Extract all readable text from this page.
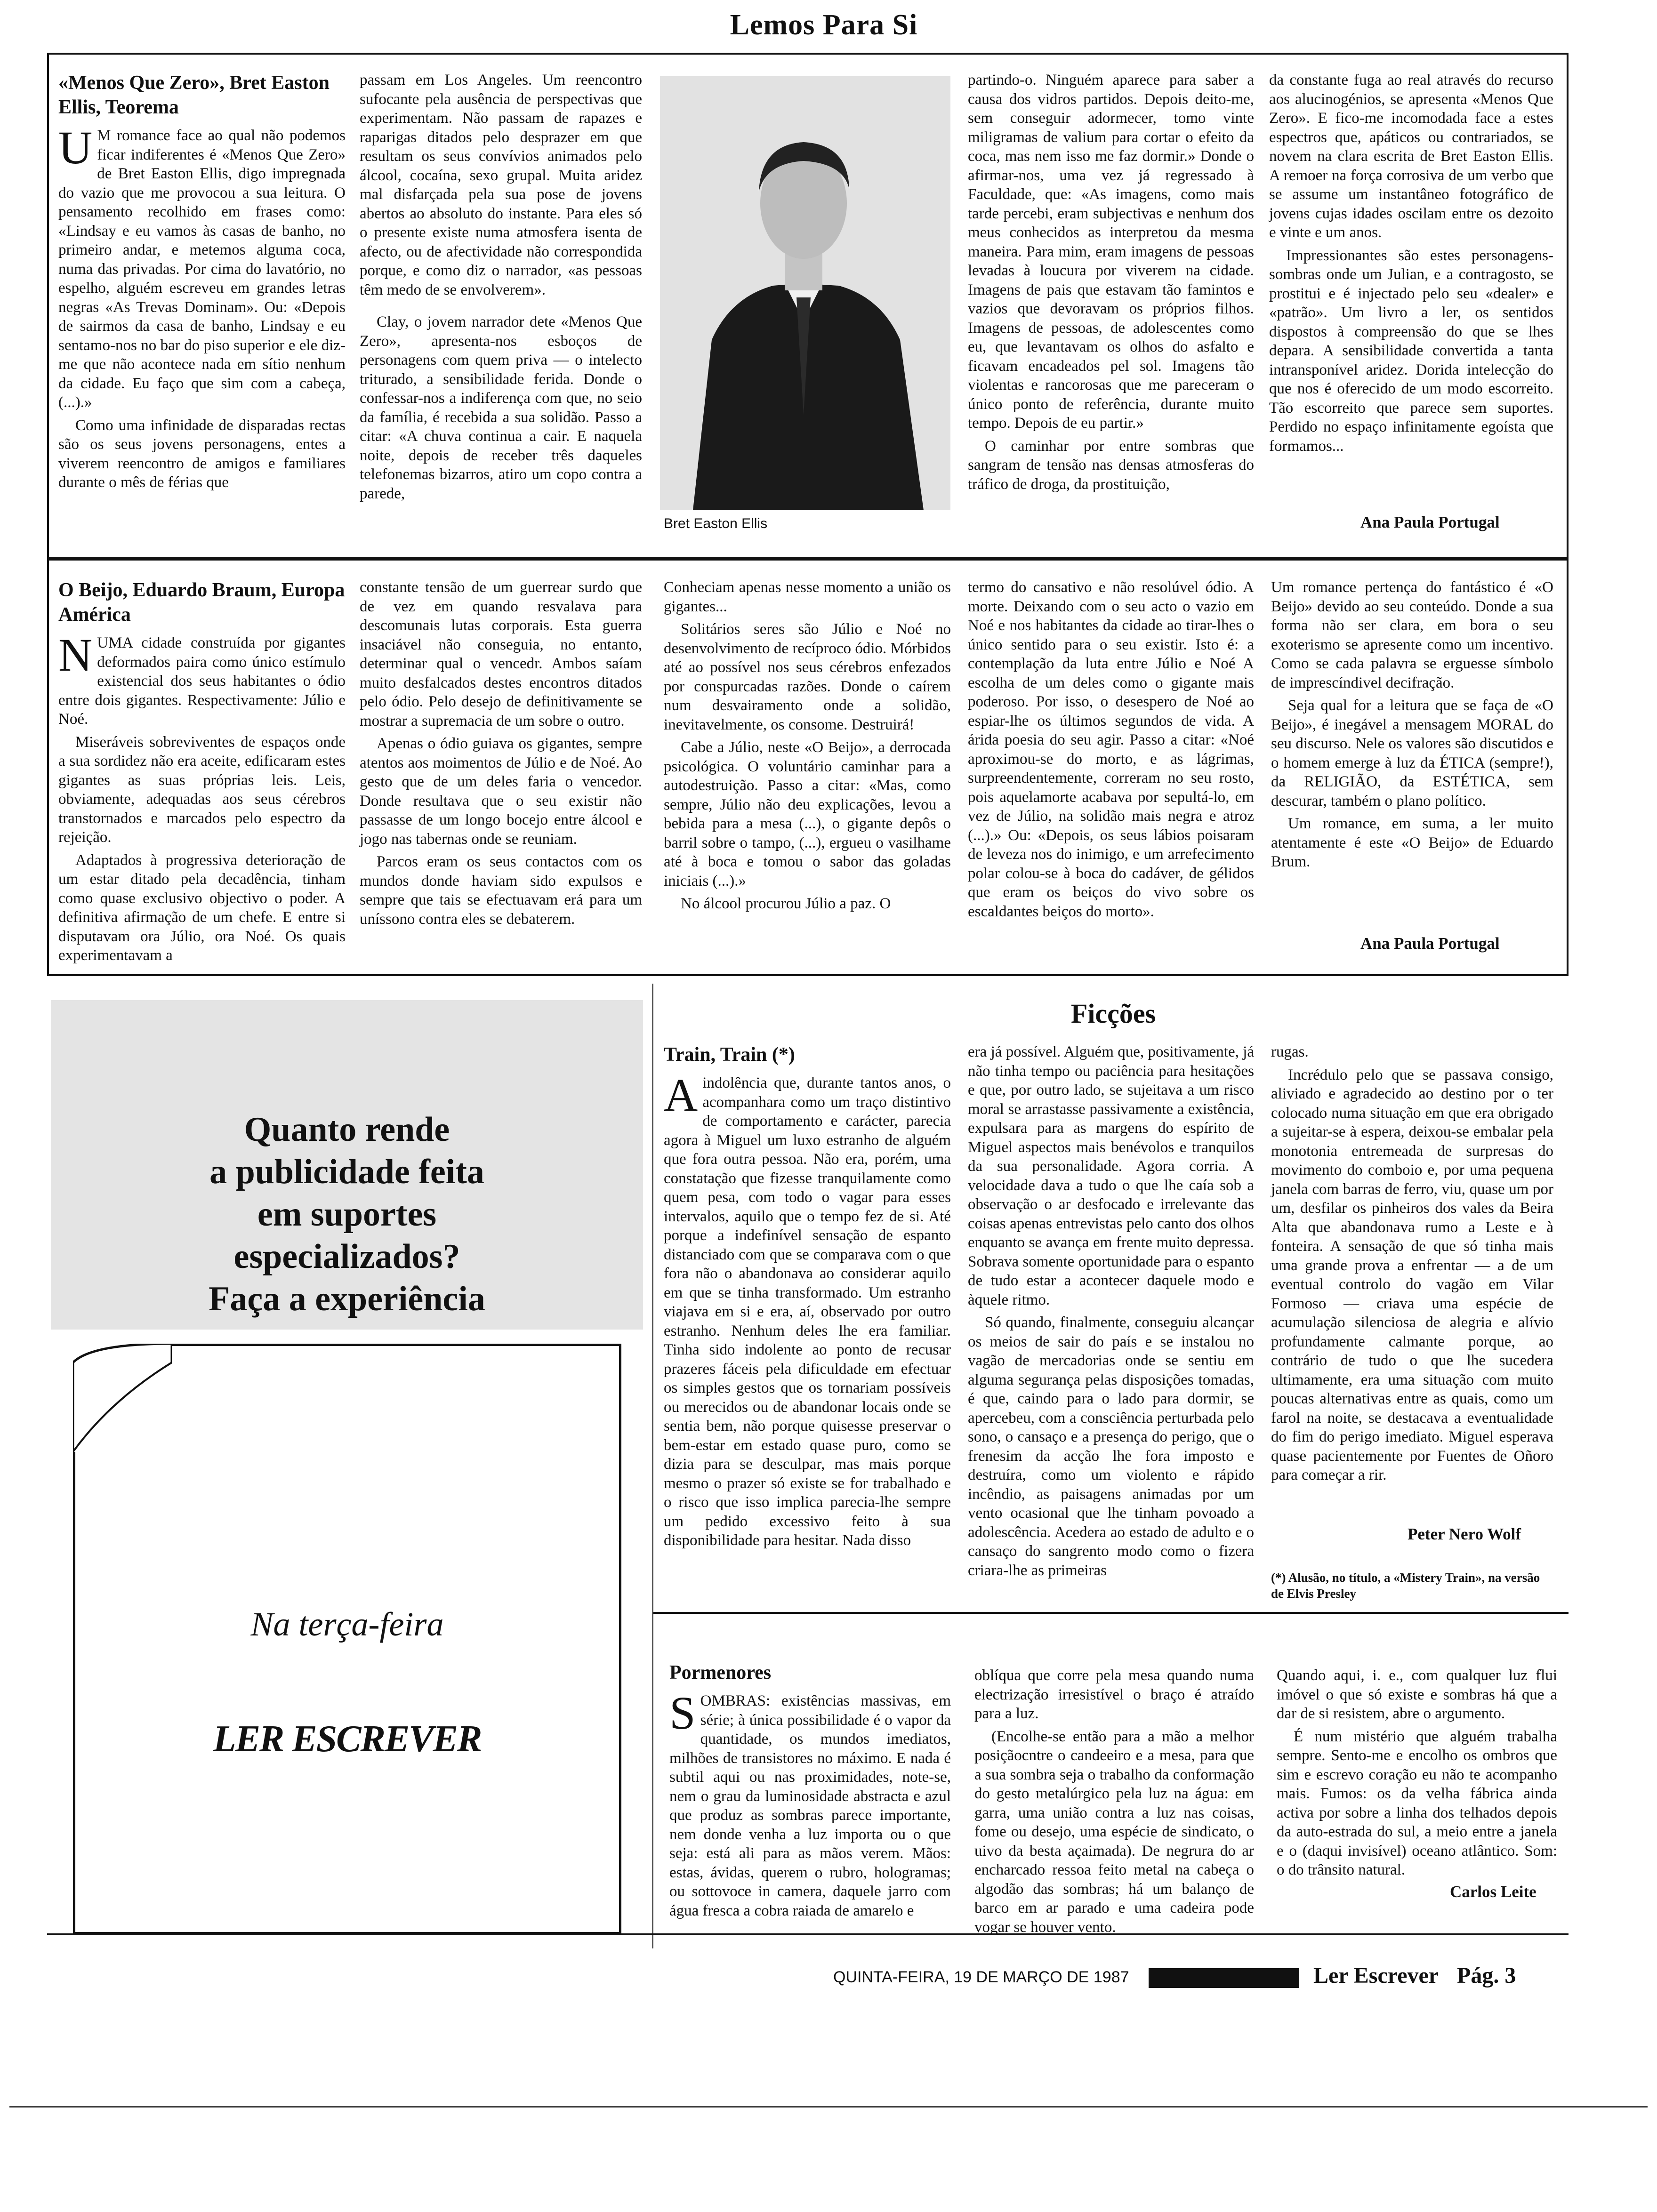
Lemos Para Si
«Menos Que Zero», Bret Easton Ellis, Teorema

U M romance face ao qual não podemos ficar indiferentes é «Menos Que Zero» de Bret Easton Ellis, digo impregnada do vazio que me provocou a sua leitura. O pensamento recolhido em frases como: «Lindsay e eu vamos às casas de banho, no primeiro andar, e metemos alguma coca, numa das privadas. Por cima do lavatório, no espelho, alguém escreveu em grandes letras negras «As Trevas Dominam». Ou: «Depois de sairmos da casa de banho, Lindsay e eu sentamo-nos no bar do piso superior e ele diz-me que não acontece nada em sítio nenhum da cidade. Eu faço que sim com a cabeça, (...).»

Como uma infinidade de disparadas rectas são os seus jovens personagens, entes a viverem reencontro de amigos e familiares durante o mês de férias que

passam em Los Angeles. Um reencontro sufocante pela ausência de perspectivas que experimentam. Não passam de rapazes e raparigas ditados pelo desprazer em que resultam os seus convívios animados pelo álcool, cocaína, sexo grupal. Muita aridez mal disfarçada pela sua pose de jovens abertos ao absoluto do instante. Para eles só o presente existe numa atmosfera isenta de afecto, ou de afectividade não correspondida porque, e como diz o narrador, «as pessoas têm medo de se envolverem».

Clay, o jovem narrador dete «Menos Que Zero», apresenta-nos esboços de personagens com quem priva — o intelecto triturado, a sensibilidade ferida. Donde o confessar-nos a indiferença com que, no seio da família, é recebida a sua solidão. Passo a citar: «A chuva continua a cair. E naquela noite, depois de receber três daqueles telefonemas bizarros, atiro um copo contra a parede,

Bret Easton Ellis

partindo-o. Ninguém aparece para saber a causa dos vidros partidos. Depois deito-me, sem conseguir adormecer, tomo vinte miligramas de valium para cortar o efeito da coca, mas nem isso me faz dormir.» Donde o afirmar-nos, uma vez já regressado à Faculdade, que: «As imagens, como mais tarde percebi, eram subjectivas e nenhum dos meus conhecidos as interpretou da mesma maneira. Para mim, eram imagens de pessoas levadas à loucura por viverem na cidade. Imagens de pais que estavam tão famintos e vazios que devoravam os próprios filhos. Imagens de pessoas, de adolescentes como eu, que levantavam os olhos do asfalto e ficavam encadeados pel sol. Imagens tão violentas e rancorosas que me pareceram o único ponto de referência, durante muito tempo. Depois de eu partir.»

O caminhar por entre sombras que sangram de tensão nas densas atmosferas do tráfico de droga, da prostituição,

da constante fuga ao real através do recurso aos alucinogénios, se apresenta «Menos Que Zero». E fico-me incomodada face a estes espectros que, apáticos ou contrariados, se novem na clara escrita de Bret Easton Ellis. A remoer na força corrosiva de um verbo que se assume um instantâneo fotográfico de jovens cujas idades oscilam entre os dezoito e vinte e um anos.

Impressionantes são estes personagens-sombras onde um Julian, e a contragosto, se prostitui e é injectado pelo seu «dealer» e «patrão». Um livro a ler, os sentidos dispostos à compreensão do que se lhes depara. A sensibilidade convertida a tanta intransponível aridez. Dorida intelecção do que nos é oferecido de um modo escorreito. Tão escorreito que parece sem suportes. Perdido no espaço infinitamente egoísta que formamos...

Ana Paula Portugal
O Beijo, Eduardo Braum, Europa América

NUMA cidade construída por gigantes deformados paira como único estímulo existencial dos seus habitantes o ódio entre dois gigantes. Respectivamente: Júlio e Noé.

Miseráveis sobreviventes de espaços onde a sua sordidez não era aceite, edificaram estes gigantes as suas próprias leis. Leis, obviamente, adequadas aos seus cérebros transtornados e marcados pelo espectro da rejeição.

Adaptados à progressiva deterioração de um estar ditado pela decadência, tinham como quase exclusivo objectivo o poder. A definitiva afirmação de um chefe. E entre si disputavam ora Júlio, ora Noé. Os quais experimentavam a

constante tensão de um guerrear surdo que de vez em quando resvalava para descomunais lutas corporais. Esta guerra insaciável não conseguia, no entanto, determinar qual o vencedr. Ambos saíam muito desfalcados destes encontros ditados pelo ódio. Pelo desejo de definitivamente se mostrar a supremacia de um sobre o outro.

Apenas o ódio guiava os gigantes, sempre atentos aos moimentos de Júlio e de Noé. Ao gesto que de um deles faria o vencedor. Donde resultava que o seu existir não passasse de um longo bocejo entre álcool e jogo nas tabernas onde se reuniam.

Parcos eram os seus contactos com os mundos donde haviam sido expulsos e sempre que tais se efectuavam erá para um uníssono contra eles se debaterem.

Conheciam apenas nesse momento a união os gigantes...

Solitários seres são Júlio e Noé no desenvolvimento de recíproco ódio. Mórbidos até ao possível nos seus cérebros enfezados por conspurcadas razões. Donde o caírem num desvairamento onde a solidão, inevitavelmente, os consome. Destruirá!

Cabe a Júlio, neste «O Beijo», a derrocada psicológica. O voluntário caminhar para a autodestruição. Passo a citar: «Mas, como sempre, Júlio não deu explicações, levou a bebida para a mesa (...), o gigante depôs o barril sobre o tampo, (...), ergueu o vasilhame até à boca e tomou o sabor das goladas iniciais (...).»

No álcool procurou Júlio a paz. O

termo do cansativo e não resolúvel ódio. A morte. Deixando com o seu acto o vazio em Noé e nos habitantes da cidade ao tirar-lhes o único sentido para o seu existir. Isto é: a contemplação da luta entre Júlio e Noé A escolha de um deles como o gigante mais poderoso. Por isso, o desespero de Noé ao espiar-lhe os últimos segundos de vida. A árida poesia do seu agir. Passo a citar: «Noé aproximou-se do morto, e as lágrimas, surpreendentemente, correram no seu rosto, pois aquelamorte acabava por sepultá-lo, em vez de Júlio, na solidão mais negra e atroz (...).» Ou: «Depois, os seus lábios poisaram de leveza nos do inimigo, e um arrefecimento polar colou-se à boca do cadáver, de gélidos que eram os beiços do vivo sobre os escaldantes beiços do morto».

Um romance pertença do fantástico é «O Beijo» devido ao seu conteúdo. Donde a sua forma não ser clara, em bora o seu exoterismo se apresente como um incentivo. Como se cada palavra se erguesse símbolo de imprescíndivel decifração.

Seja qual for a leitura que se faça de «O Beijo», é inegável a mensagem MORAL do seu discurso. Nele os valores são discutidos e o homem emerge à luz da ÉTICA (sempre!), da RELIGIÃO, da ESTÉTICA, sem descurar, também o plano político.

Um romance, em suma, a ler muito atentamente é este «O Beijo» de Eduardo Brum.

Ana Paula Portugal
Quanto rende
a publicidade feita
em suportes
especializados?
Faça a experiência
Na terça-feira
LER ESCREVER
Ficções
Train, Train (*)

Aindolência que, durante tantos anos, o acompanhara como um traço distintivo de comportamento e carácter, parecia agora à Miguel um luxo estranho de alguém que fora outra pessoa. Não era, porém, uma constatação que fizesse tranquilamente como quem pesa, com todo o vagar para esses intervalos, aquilo que o tempo fez de si. Até porque a indefinível sensação de espanto distanciado com que se comparava com o que fora não o abandonava ao considerar aquilo em que se tinha transformado. Um estranho viajava em si e era, aí, observado por outro estranho. Nenhum deles lhe era familiar. Tinha sido indolente ao ponto de recusar prazeres fáceis pela dificuldade em efectuar os simples gestos que os tornariam possíveis ou merecidos ou de abandonar locais onde se sentia bem, não porque quisesse preservar o bem-estar em estado quase puro, como se dizia para se desculpar, mas mais porque mesmo o prazer só existe se for trabalhado e o risco que isso implica parecia-lhe sempre um pedido excessivo feito à sua disponibilidade para hesitar. Nada disso

era já possível. Alguém que, positivamente, já não tinha tempo ou paciência para hesitações e que, por outro lado, se sujeitava a um risco moral se arrastasse passivamente a existência, expulsara para as margens do espírito de Miguel aspectos mais benévolos e tranquilos da sua personalidade. Agora corria. A velocidade dava a tudo o que lhe caía sob a observação o ar desfocado e irrelevante das coisas apenas entrevistas pelo canto dos olhos enquanto se avança em frente muito depressa. Sobrava somente oportunidade para o espanto de tudo estar a acontecer daquele modo e àquele ritmo.

Só quando, finalmente, conseguiu alcançar os meios de sair do país e se instalou no vagão de mercadorias onde se sentiu em alguma segurança pelas disposições tomadas, é que, caindo para o lado para dormir, se apercebeu, com a consciência perturbada pelo sono, o cansaço e a presença do perigo, que o frenesim da acção lhe fora imposto e destruíra, como um violento e rápido incêndio, as paisagens animadas por um vento ocasional que lhe tinham povoado a adolescência. Acedera ao estado de adulto e o cansaço do sangrento modo como o fizera criara-lhe as primeiras

rugas.

Incrédulo pelo que se passava consigo, aliviado e agradecido ao destino por o ter colocado numa situação em que era obrigado a sujeitar-se à espera, deixou-se embalar pela monotonia entremeada de surpresas do movimento do comboio e, por uma pequena janela com barras de ferro, viu, quase um por um, desfilar os pinheiros dos vales da Beira Alta que abandonava rumo a Leste e à fonteira. A sensação de que só tinha mais uma grande prova a enfrentar — a de um eventual controlo do vagão em Vilar Formoso — criava uma espécie de acumulação silenciosa de alegria e alívio profundamente calmante porque, ao contrário de tudo o que lhe sucedera ultimamente, era uma situação com muito poucas alternativas entre as quais, como um farol na noite, se destacava a eventualidade do fim do perigo imediato. Miguel esperava quase pacientemente por Fuentes de Oñoro para começar a rir.

Peter Nero Wolf
(*) Alusão, no título, a «Mistery Train», na versão de Elvis Presley
Pormenores

SOMBRAS: existências massivas, em série; à única possibilidade é o vapor da quantidade, os mundos imediatos, milhões de transistores no máximo. E nada é subtil aqui ou nas proximidades, note-se, nem o grau da luminosidade abstracta e azul que produz as sombras parece importante, nem donde venha a luz importa ou o que seja: está ali para as mãos verem. Mãos: estas, ávidas, querem o rubro, hologramas; ou sottovoce in camera, daquele jarro com água fresca a cobra raiada de amarelo e

oblíqua que corre pela mesa quando numa electrização irresistível o braço é atraído para a luz.

(Encolhe-se então para a mão a melhor posiçãocntre o candeeiro e a mesa, para que a sua sombra seja o trabalho da conformação do gesto metalúrgico pela luz na água: em garra, uma união contra a luz nas coisas, fome ou desejo, uma espécie de sindicato, o uivo da besta açaimada). De negrura do ar encharcado ressoa feito metal na cabeça o algodão das sombras; há um balanço de barco em ar parado e uma cadeira pode vogar se houver vento.

Quando aqui, i. e., com qualquer luz flui imóvel o que só existe e sombras há que a dar de si resistem, abre o argumento.

É num mistério que alguém trabalha sempre. Sento-me e encolho os ombros que sim e escrevo coração eu não te acompanho mais. Fumos: os da velha fábrica ainda activa por sobre a linha dos telhados depois da auto-estrada do sul, a meio entre a janela e o (daqui invisível) oceano atlântico. Som: o do trânsito natural.

Carlos Leite
QUINTA-FEIRA, 19 DE MARÇO DE 1987	Ler Escrever Pág. 3
